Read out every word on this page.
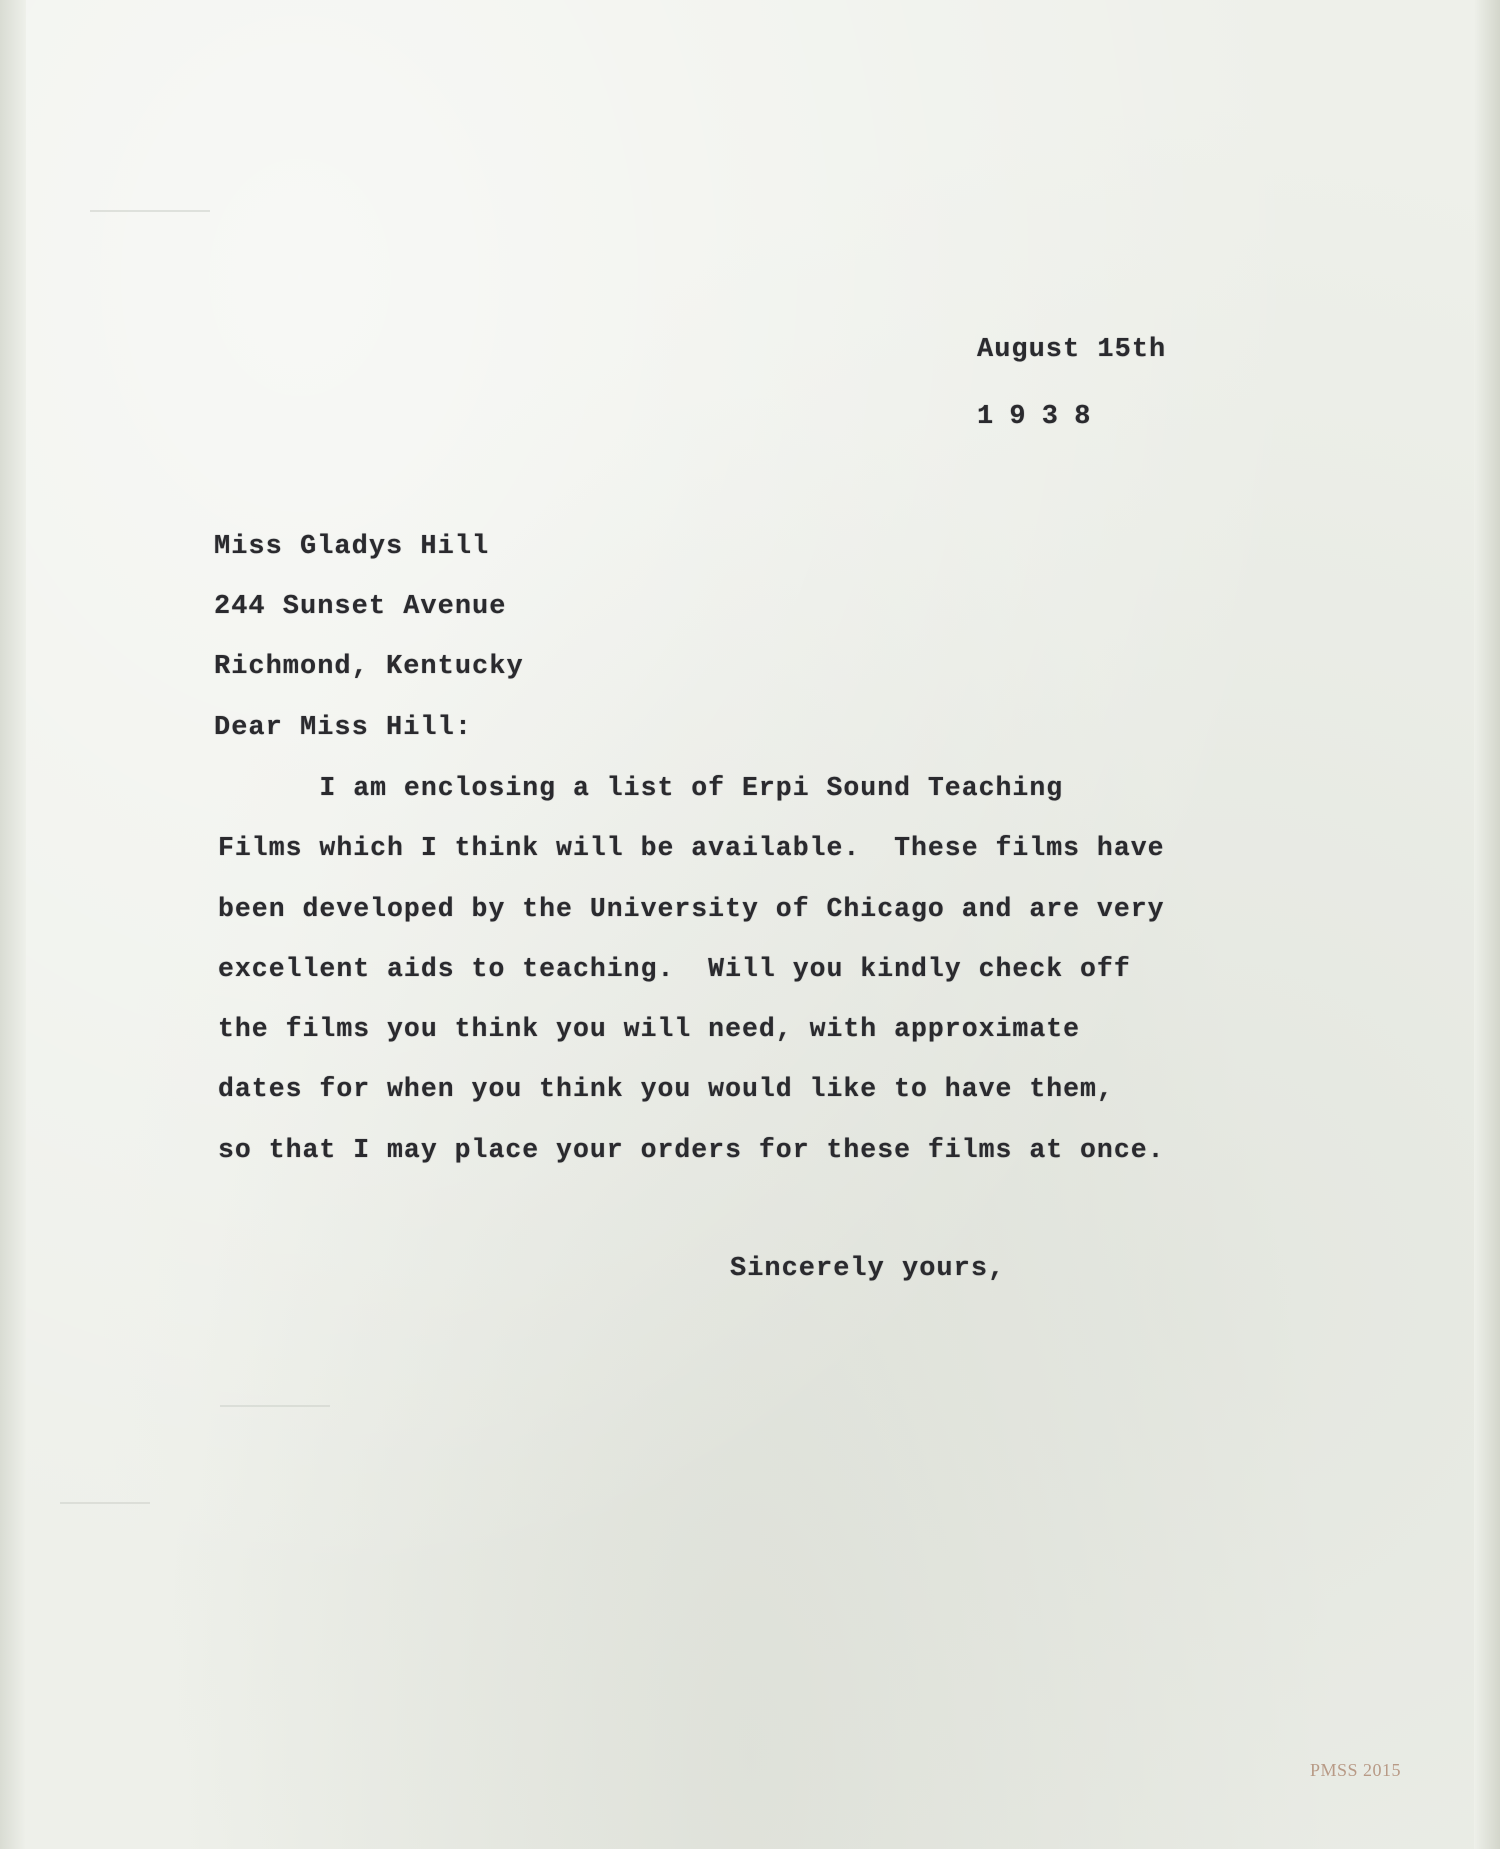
August 15th

1 9 3 8

Miss Gladys Hill

244 Sunset Avenue

Richmond, Kentucky

Dear Miss Hill:

I am enclosing a list of Erpi Sound Teaching

Films which I think will be available.  These films have

been developed by the University of Chicago and are very

excellent aids to teaching.  Will you kindly check off

the films you think you will need, with approximate

dates for when you think you would like to have them,

so that I may place your orders for these films at once.

Sincerely yours,

PMSS 2015
